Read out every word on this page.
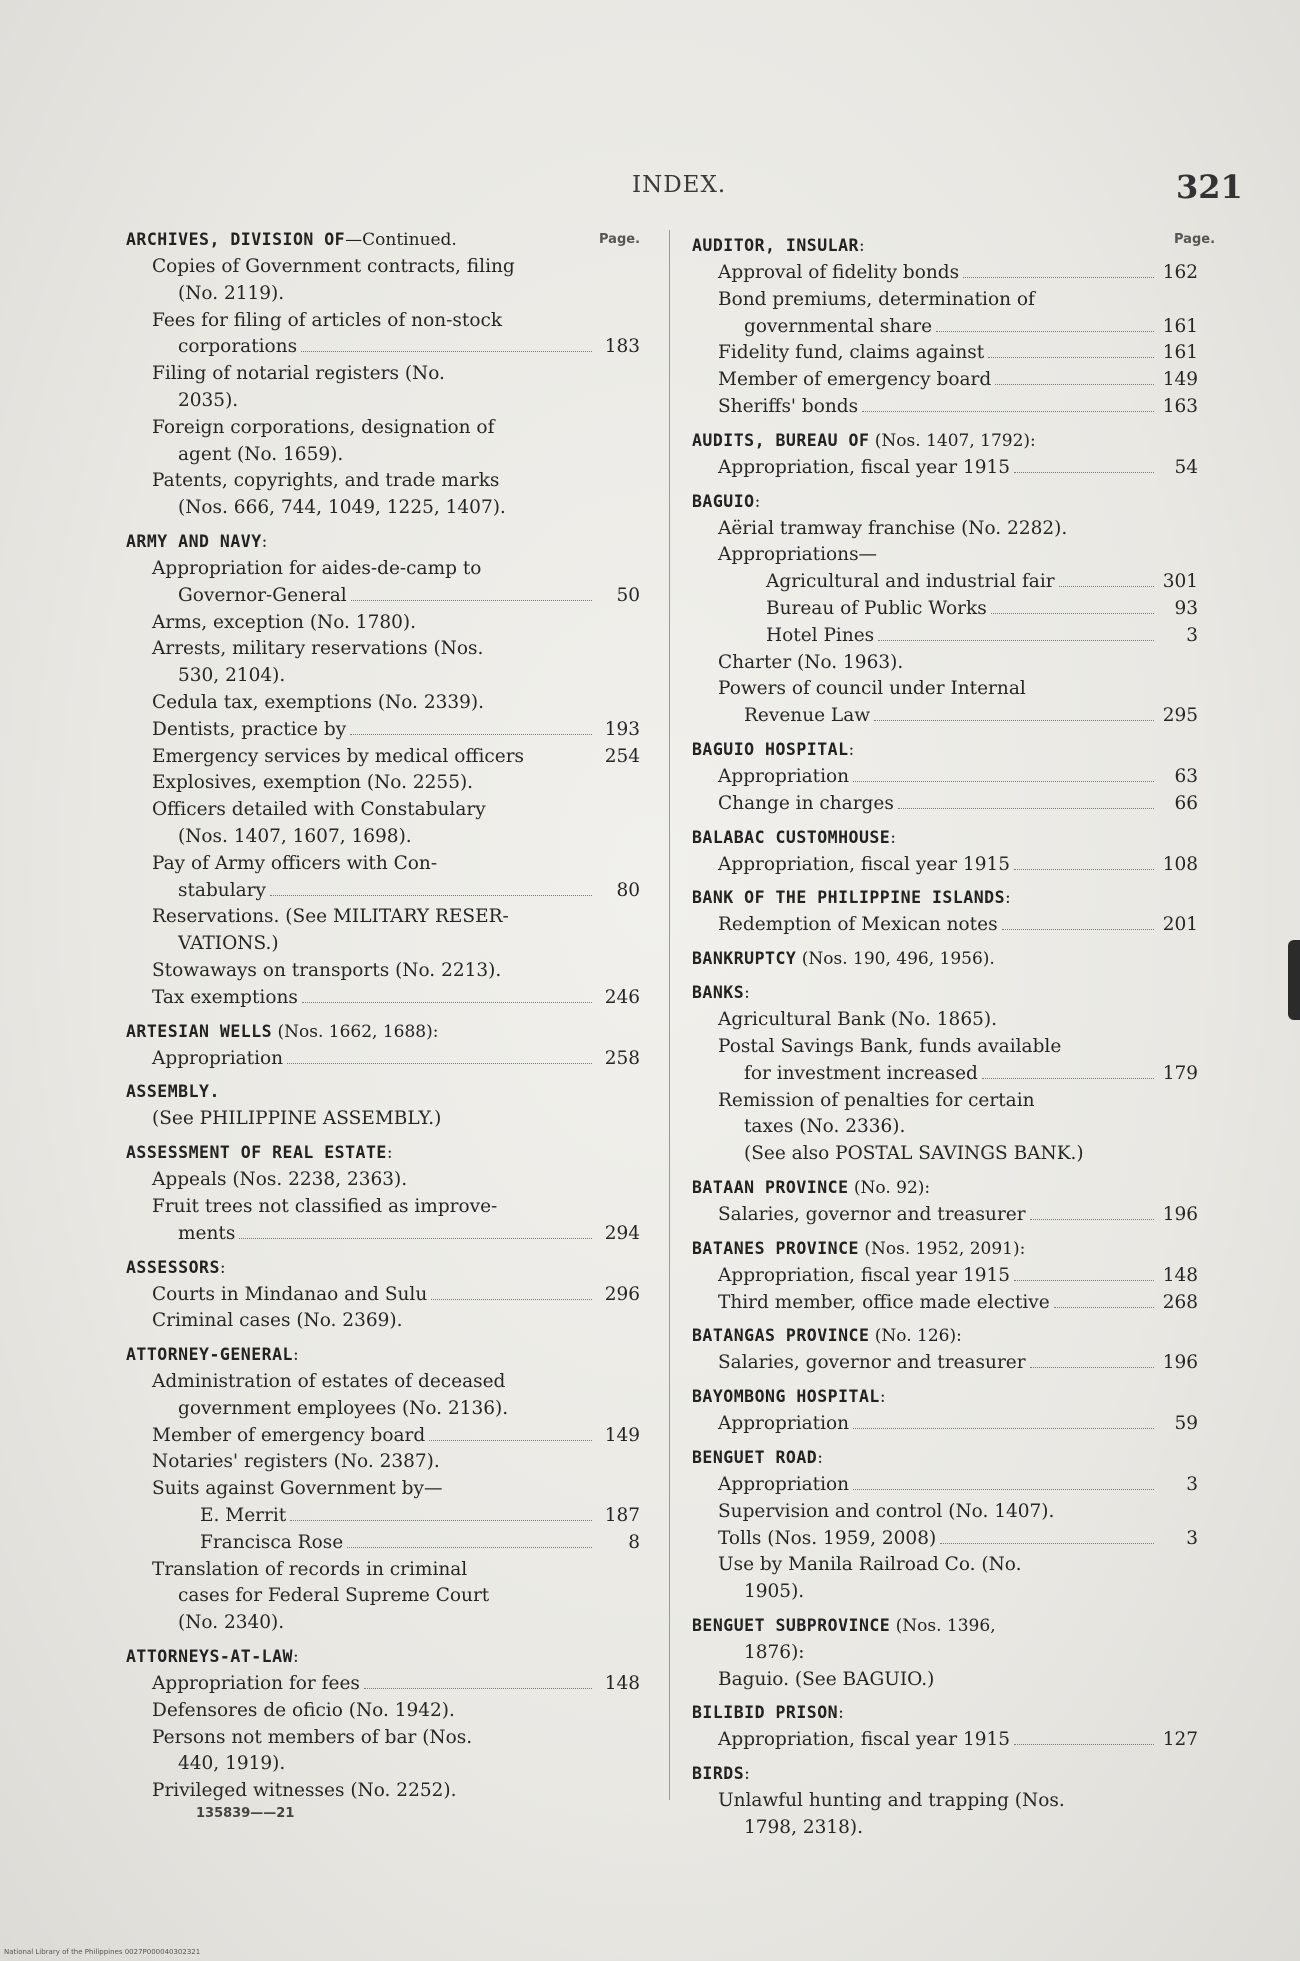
INDEX.	321
Page.
ARCHIVES, DIVISION OF—Continued.
Copies of Government contracts, filing
(No. 2119).
Fees for filing of articles of non-stock
corporations	183
Filing of notarial registers (No.
2035).
Foreign corporations, designation of
agent (No. 1659).
Patents, copyrights, and trade marks
(Nos. 666, 744, 1049, 1225, 1407).
ARMY AND NAVY:
Appropriation for aides-de-camp to
Governor-General	50
Arms, exception (No. 1780).
Arrests, military reservations (Nos.
530, 2104).
Cedula tax, exemptions (No. 2339).
Dentists, practice by	193
Emergency services by medical officers	254
Explosives, exemption (No. 2255).
Officers detailed with Constabulary
(Nos. 1407, 1607, 1698).
Pay of Army officers with Con-
stabulary	80
Reservations. (See MILITARY RESER-
VATIONS.)
Stowaways on transports (No. 2213).
Tax exemptions	246
ARTESIAN WELLS (Nos. 1662, 1688):
Appropriation	258
ASSEMBLY.
(See PHILIPPINE ASSEMBLY.)
ASSESSMENT OF REAL ESTATE:
Appeals (Nos. 2238, 2363).
Fruit trees not classified as improve-
ments	294
ASSESSORS:
Courts in Mindanao and Sulu	296
Criminal cases (No. 2369).
ATTORNEY-GENERAL:
Administration of estates of deceased
government employees (No. 2136).
Member of emergency board	149
Notaries' registers (No. 2387).
Suits against Government by—
E. Merrit	187
Francisca Rose	8
Translation of records in criminal
cases for Federal Supreme Court
(No. 2340).
ATTORNEYS-AT-LAW:
Appropriation for fees	148
Defensores de oficio (No. 1942).
Persons not members of bar (Nos.
440, 1919).
Privileged witnesses (No. 2252).
Page.
AUDITOR, INSULAR:
Approval of fidelity bonds	162
Bond premiums, determination of
governmental share	161
Fidelity fund, claims against	161
Member of emergency board	149
Sheriffs' bonds	163
AUDITS, BUREAU OF (Nos. 1407, 1792):
Appropriation, fiscal year 1915	54
BAGUIO:
Aërial tramway franchise (No. 2282).
Appropriations—
Agricultural and industrial fair	301
Bureau of Public Works	93
Hotel Pines	3
Charter (No. 1963).
Powers of council under Internal
Revenue Law	295
BAGUIO HOSPITAL:
Appropriation	63
Change in charges	66
BALABAC CUSTOMHOUSE:
Appropriation, fiscal year 1915	108
BANK OF THE PHILIPPINE ISLANDS:
Redemption of Mexican notes	201
BANKRUPTCY (Nos. 190, 496, 1956).
BANKS:
Agricultural Bank (No. 1865).
Postal Savings Bank, funds available
for investment increased	179
Remission of penalties for certain
taxes (No. 2336).
(See also POSTAL SAVINGS BANK.)
BATAAN PROVINCE (No. 92):
Salaries, governor and treasurer	196
BATANES PROVINCE (Nos. 1952, 2091):
Appropriation, fiscal year 1915	148
Third member, office made elective	268
BATANGAS PROVINCE (No. 126):
Salaries, governor and treasurer	196
BAYOMBONG HOSPITAL:
Appropriation	59
BENGUET ROAD:
Appropriation	3
Supervision and control (No. 1407).
Tolls (Nos. 1959, 2008)	3
Use by Manila Railroad Co. (No.
1905).
BENGUET SUBPROVINCE (Nos. 1396,
1876):
Baguio. (See BAGUIO.)
BILIBID PRISON:
Appropriation, fiscal year 1915	127
BIRDS:
Unlawful hunting and trapping (Nos.
1798, 2318).
135839——21
National Library of the Philippines 0027P000040302321
